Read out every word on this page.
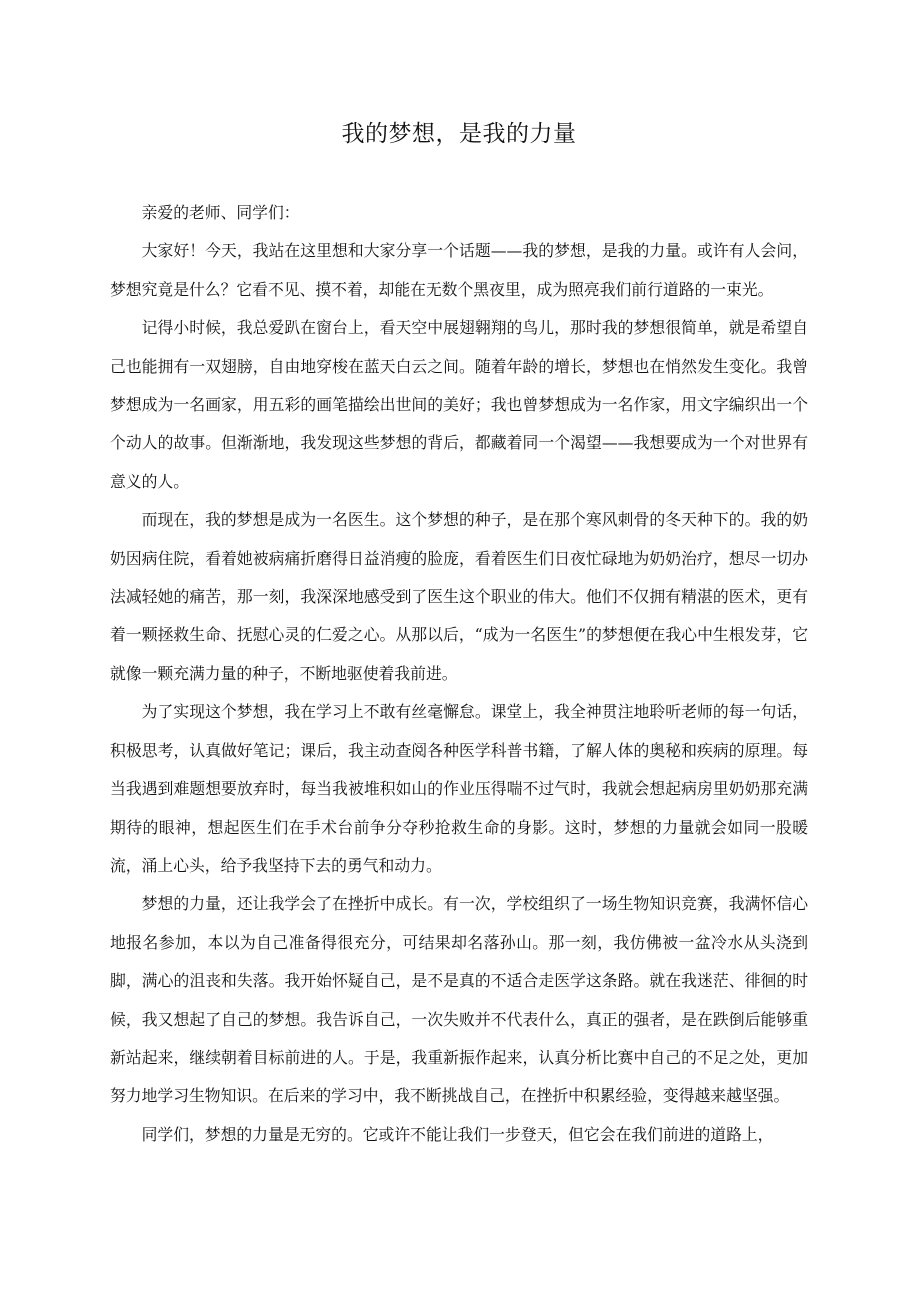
我的梦想，是我的力量

亲爱的老师、同学们：

大家好！今天，我站在这里想和大家分享一个话题——我的梦想，是我的力量。或许有人会问，梦想究竟是什么？它看不见、摸不着，却能在无数个黑夜里，成为照亮我们前行道路的一束光。

记得小时候，我总爱趴在窗台上，看天空中展翅翱翔的鸟儿，那时我的梦想很简单，就是希望自己也能拥有一双翅膀，自由地穿梭在蓝天白云之间。随着年龄的增长，梦想也在悄然发生变化。我曾梦想成为一名画家，用五彩的画笔描绘出世间的美好；我也曾梦想成为一名作家，用文字编织出一个个动人的故事。但渐渐地，我发现这些梦想的背后，都藏着同一个渴望——我想要成为一个对世界有意义的人。

而现在，我的梦想是成为一名医生。这个梦想的种子，是在那个寒风刺骨的冬天种下的。我的奶奶因病住院，看着她被病痛折磨得日益消瘦的脸庞，看着医生们日夜忙碌地为奶奶治疗，想尽一切办法减轻她的痛苦，那一刻，我深深地感受到了医生这个职业的伟大。他们不仅拥有精湛的医术，更有着一颗拯救生命、抚慰心灵的仁爱之心。从那以后，“成为一名医生”的梦想便在我心中生根发芽，它就像一颗充满力量的种子，不断地驱使着我前进。

为了实现这个梦想，我在学习上不敢有丝毫懈怠。课堂上，我全神贯注地聆听老师的每一句话，积极思考，认真做好笔记；课后，我主动查阅各种医学科普书籍，了解人体的奥秘和疾病的原理。每当我遇到难题想要放弃时，每当我被堆积如山的作业压得喘不过气时，我就会想起病房里奶奶那充满期待的眼神，想起医生们在手术台前争分夺秒抢救生命的身影。这时，梦想的力量就会如同一股暖流，涌上心头，给予我坚持下去的勇气和动力。

梦想的力量，还让我学会了在挫折中成长。有一次，学校组织了一场生物知识竞赛，我满怀信心地报名参加，本以为自己准备得很充分，可结果却名落孙山。那一刻，我仿佛被一盆冷水从头浇到脚，满心的沮丧和失落。我开始怀疑自己，是不是真的不适合走医学这条路。就在我迷茫、徘徊的时候，我又想起了自己的梦想。我告诉自己，一次失败并不代表什么，真正的强者，是在跌倒后能够重新站起来，继续朝着目标前进的人。于是，我重新振作起来，认真分析比赛中自己的不足之处，更加努力地学习生物知识。在后来的学习中，我不断挑战自己，在挫折中积累经验，变得越来越坚强。

同学们，梦想的力量是无穷的。它或许不能让我们一步登天，但它会在我们前进的道路上，
